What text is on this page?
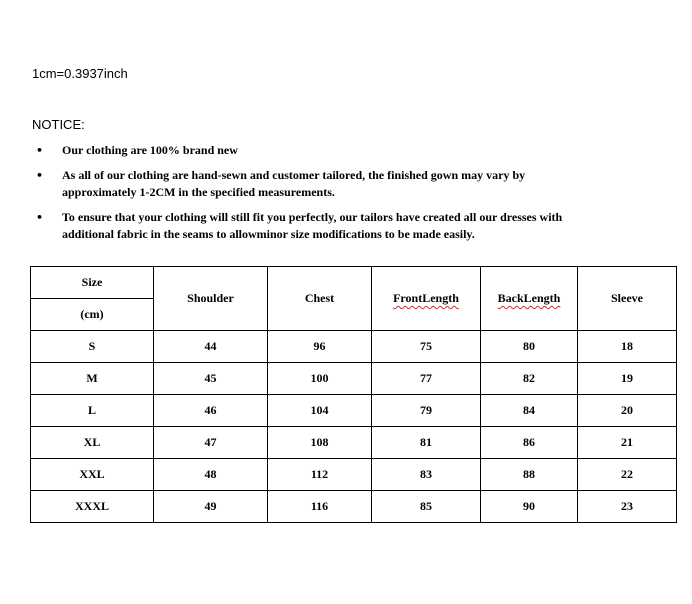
1cm=0.3937inch
NOTICE:
• Our clothing are 100% brand new
• As all of our clothing are hand-sewn and customer tailored, the finished gown may vary by approximately 1-2CM in the specified measurements.
• To ensure that your clothing will still fit you perfectly, our tailors have created all our dresses with additional fabric in the seams to allowminor size modifications to be made easily.
Size	Shoulder	Chest	FrontLength	BackLength	Sleeve
(cm)					
S	44	96	75	80	18
M	45	100	77	82	19
L	46	104	79	84	20
XL	47	108	81	86	21
XXL	48	112	83	88	22
XXXL	49	116	85	90	23
